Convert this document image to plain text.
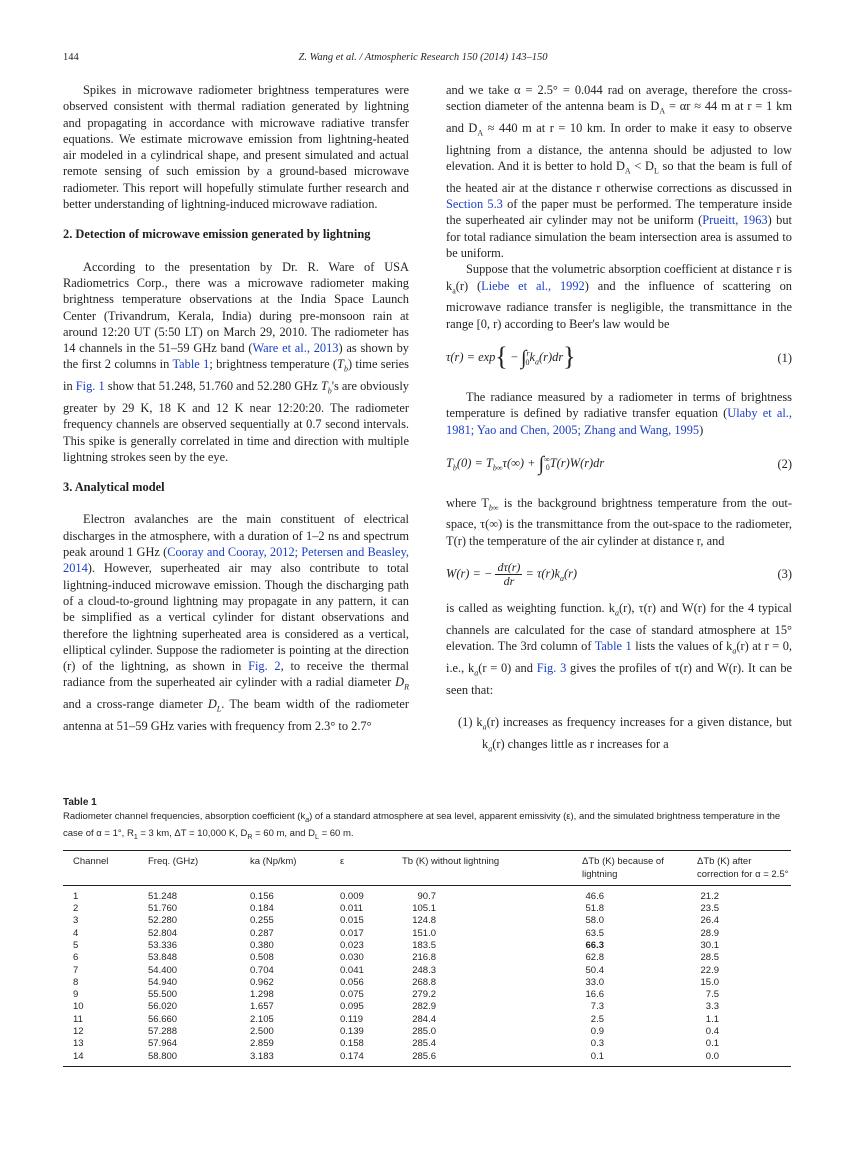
144	Z. Wang et al. / Atmospheric Research 150 (2014) 143–150

Spikes in microwave radiometer brightness temperatures were observed consistent with thermal radiation generated by lightning and propagating in accordance with microwave radiative transfer equations. We estimate microwave emission from lightning-heated air modeled in a cylindrical shape, and present simulated and actual remote sensing of such emission by a ground-based microwave radiometer. This report will hopefully stimulate further research and better understanding of lightning-induced microwave radiation.

2. Detection of microwave emission generated by lightning

According to the presentation by Dr. R. Ware of USA Radiometrics Corp., there was a microwave radiometer making brightness temperature observations at the India Space Launch Center (Trivandrum, Kerala, India) during pre-monsoon rain at around 12:20 UT (5:50 LT) on March 29, 2010. The radiometer has 14 channels in the 51–59 GHz band (Ware et al., 2013) as shown by the first 2 columns in Table 1; brightness temperature $(T_b)$ time series in Fig. 1 show that 51.248, 51.760 and 52.280 GHz $T_b's$ are obviously greater by 29 K, 18 K and 12 K near 12:20:20. The radiometer frequency channels are observed sequentially at 0.7 second intervals. This spike is generally correlated in time and direction with multiple lightning strokes seen by the eye.

3. Analytical model

Electron avalanches are the main constituent of electrical discharges in the atmosphere, with a duration of 1–2 ns and spectrum peak around 1 GHz (Cooray and Cooray, 2012; Petersen and Beasley, 2014). However, superheated air may also contribute to total lightning-induced microwave emission. Though the discharging path of a cloud-to-ground lightning may propagate in any pattern, it can be simplified as a vertical cylinder for distant observations and therefore the lightning superheated area is considered as a vertical, elliptical cylinder. Suppose the radiometer is pointing at the direction (r) of the lightning, as shown in Fig. 2, to receive the thermal radiance from the superheated air cylinder with a radial diameter $D_R$ and a cross-range diameter $D_L$. The beam width of the radiometer antenna at 51–59 GHz varies with frequency from 2.3° to 2.7°

and we take α = 2.5° = 0.044 rad on average, therefore the cross-section diameter of the antenna beam is $D_A = \alpha r \approx 44$ m at r = 1 km and $D_A \approx 440$ m at r = 10 km. In order to make it easy to observe lightning from a distance, the antenna should be adjusted to low elevation. And it is better to hold $D_A < D_L$ so that the beam is full of the heated air at the distance r otherwise corrections as discussed in Section 5.3 of the paper must be performed. The temperature inside the superheated air cylinder may not be uniform (Prueitt, 1963) but for total radiance simulation the beam intersection area is assumed to be uniform.

Suppose that the volumetric absorption coefficient at distance r is $k_a(r)$ (Liebe et al., 1992) and the influence of scattering on microwave radiance transfer is negligible, the transmittance in the range [0, r) according to Beer's law would be

$\tau(r) = \exp\{ - \int^r_0k_a(r)dr\}$	(1)

The radiance measured by a radiometer in terms of brightness temperature is defined by radiative transfer equation (Ulaby et al., 1981; Yao and Chen, 2005; Zhang and Wang, 1995)

$T_b(0) = T_{b\infty}\tau(\infty) + \int^\infty_0T(r)W(r)dr$	(2)

where $T_{b\infty}$ is the background brightness temperature from the out-space, τ(∞) is the transmittance from the out-space to the radiometer, T(r) the temperature of the air cylinder at distance r, and

W(r) = − $\frac{d\tau(r)}{dr} = \tau(r)k_a(r)$	(3)

is called as weighting function. $k_a(r)$, τ(r) and W(r) for the 4 typical channels are calculated for the case of standard atmosphere at 15° elevation. The 3rd column of Table 1 lists the values of $k_a(r)$ at r = 0, i.e., $k_a(r = 0)$ and Fig. 3 gives the profiles of τ(r) and W(r). It can be seen that:

(1) $k_a(r)$ increases as frequency increases for a given distance, but $k_a(r)$ changes little as r increases for a

Table 1
Radiometer channel frequencies, absorption coefficient $(k_a)$ of a standard atmosphere at sea level, apparent emissivity (ε), and the simulated brightness temperature in the case of α = 1°, $R_1 = 3$ km, ΔT = 10,000 K, $D_R = 60$ m, and $D_L = 60$ m.
Channel	Freq. (GHz)	ka (Np/km)	ε	Tb (K) without lightning	ΔTb (K) because of lightning	ΔTb (K) after correction for α = 2.5°
1	51.248	0.156	0.009	90.7	46.6	21.2
2	51.760	0.184	0.011	105.1	51.8	23.5
3	52.280	0.255	0.015	124.8	58.0	26.4
4	52.804	0.287	0.017	151.0	63.5	28.9
5	53.336	0.380	0.023	183.5	66.3	30.1
6	53.848	0.508	0.030	216.8	62.8	28.5
7	54.400	0.704	0.041	248.3	50.4	22.9
8	54.940	0.962	0.056	268.8	33.0	15.0
9	55.500	1.298	0.075	279.2	16.6	7.5
10	56.020	1.657	0.095	282.9	7.3	3.3
11	56.660	2.105	0.119	284.4	2.5	1.1
12	57.288	2.500	0.139	285.0	0.9	0.4
13	57.964	2.859	0.158	285.4	0.3	0.1
14	58.800	3.183	0.174	285.6	0.1	0.0
